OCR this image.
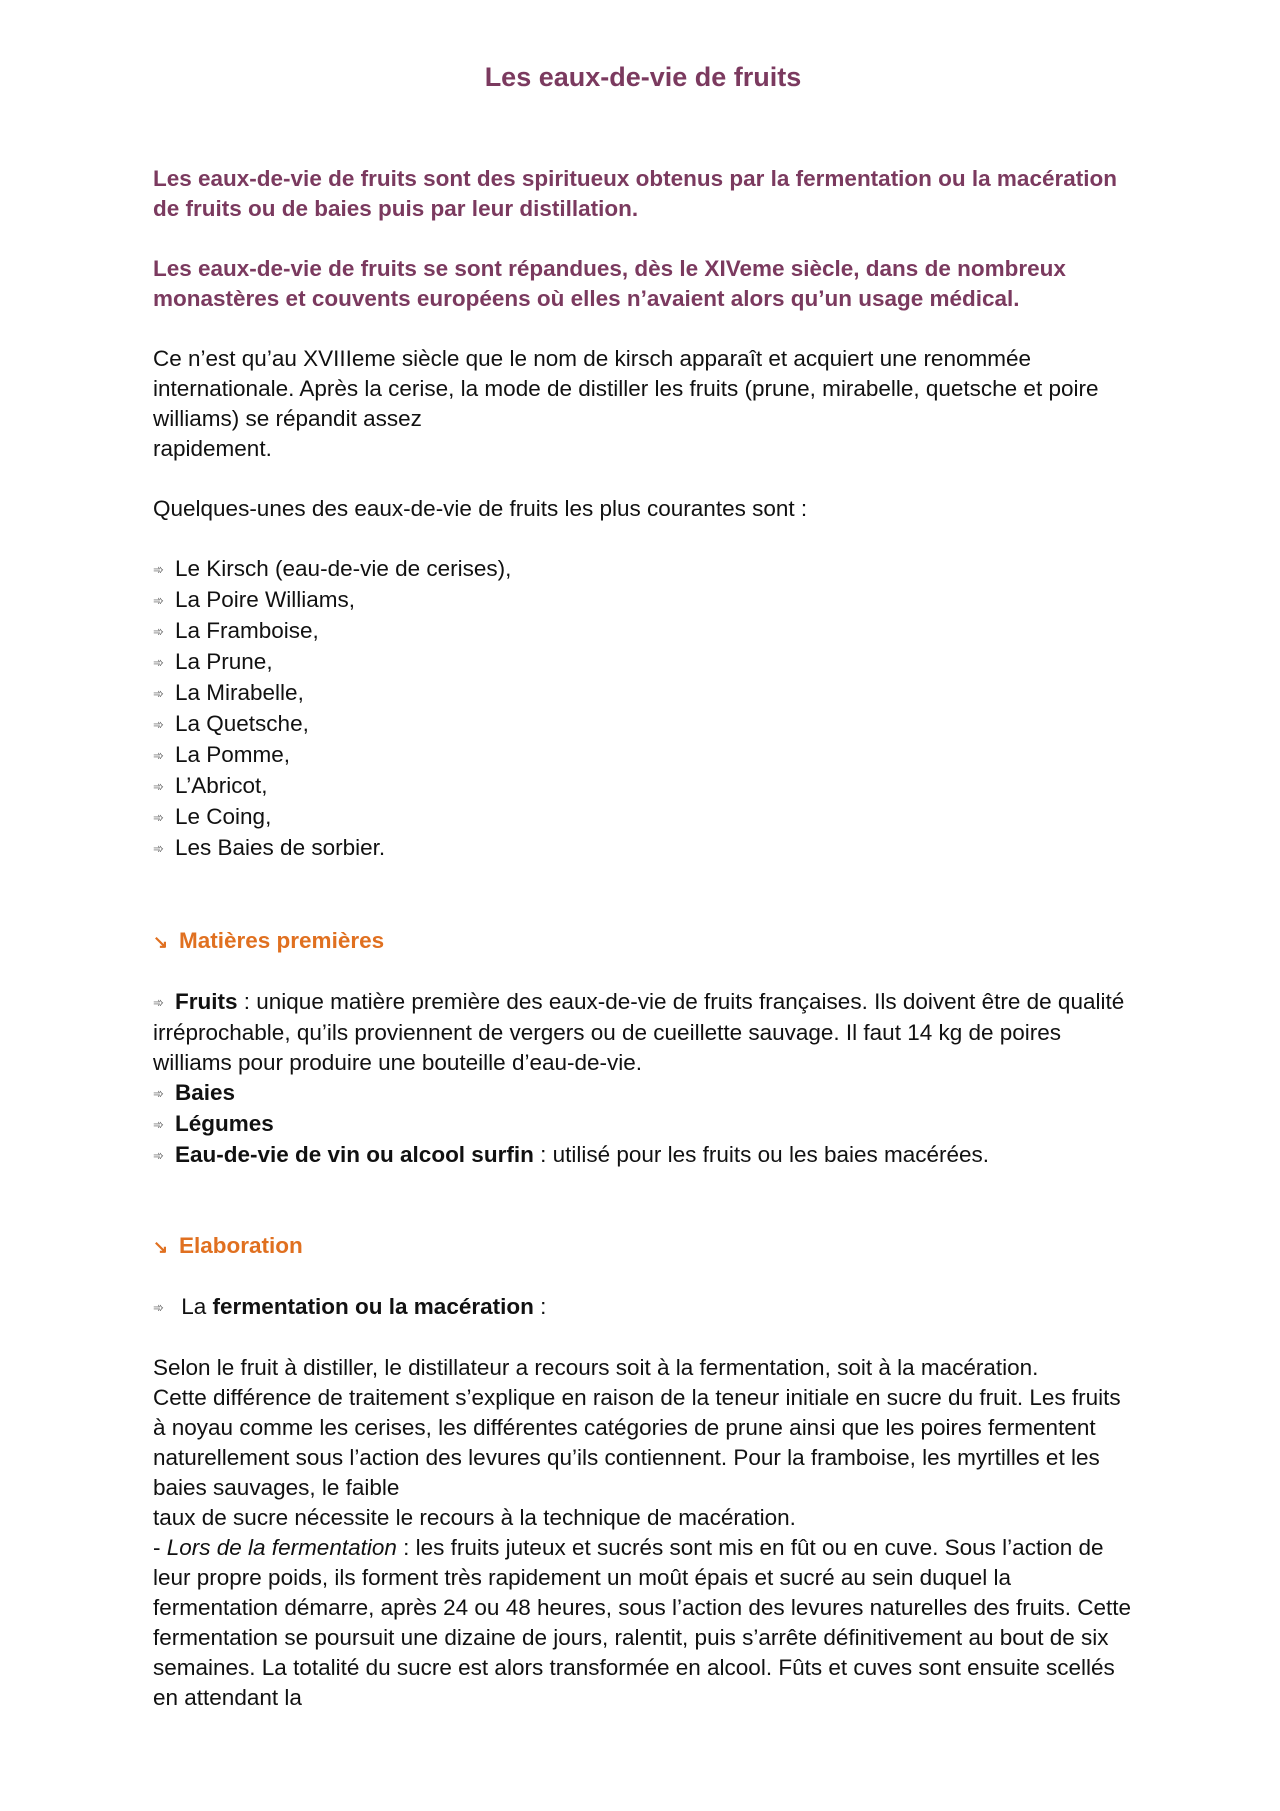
Les eaux-de-vie de fruits

Les eaux-de-vie de fruits sont des spiritueux obtenus par la fermentation ou la macération de fruits ou de baies puis par leur distillation.

Les eaux-de-vie de fruits se sont répandues, dès le XIVeme siècle, dans de nombreux monastères et couvents européens où elles n’avaient alors qu’un usage médical.

Ce n’est qu’au XVIIIeme siècle que le nom de kirsch apparaît et acquiert une renommée internationale. Après la cerise, la mode de distiller les fruits (prune, mirabelle, quetsche et poire williams) se répandit assez

rapidement.

Quelques-unes des eaux-de-vie de fruits les plus courantes sont :

➾ Le Kirsch (eau-de-vie de cerises),
➾ La Poire Williams,
➾ La Framboise,
➾ La Prune,
➾ La Mirabelle,
➾ La Quetsche,
➾ La Pomme,
➾ L’Abricot,
➾ Le Coing,
➾ Les Baies de sorbier.
↘ Matières premières
➾ Fruits : unique matière première des eaux-de-vie de fruits françaises. Ils doivent être de qualité irréprochable, qu’ils proviennent de vergers ou de cueillette sauvage. Il faut 14 kg de poires williams pour produire une bouteille d’eau-de-vie.
➾ Baies
➾ Légumes
➾ Eau-de-vie de vin ou alcool surfin : utilisé pour les fruits ou les baies macérées.
↘ Elaboration

➾ La fermentation ou la macération :

Selon le fruit à distiller, le distillateur a recours soit à la fermentation, soit à la macération.

Cette différence de traitement s’explique en raison de la teneur initiale en sucre du fruit. Les fruits à noyau comme les cerises, les différentes catégories de prune ainsi que les poires fermentent naturellement sous l’action des levures qu’ils contiennent. Pour la framboise, les myrtilles et les baies sauvages, le faible

taux de sucre nécessite le recours à la technique de macération.

- Lors de la fermentation : les fruits juteux et sucrés sont mis en fût ou en cuve. Sous l’action de leur propre poids, ils forment très rapidement un moût épais et sucré au sein duquel la fermentation démarre, après 24 ou 48 heures, sous l’action des levures naturelles des fruits. Cette fermentation se poursuit une dizaine de jours, ralentit, puis s’arrête définitivement au bout de six semaines. La totalité du sucre est alors transformée en alcool. Fûts et cuves sont ensuite scellés en attendant la
